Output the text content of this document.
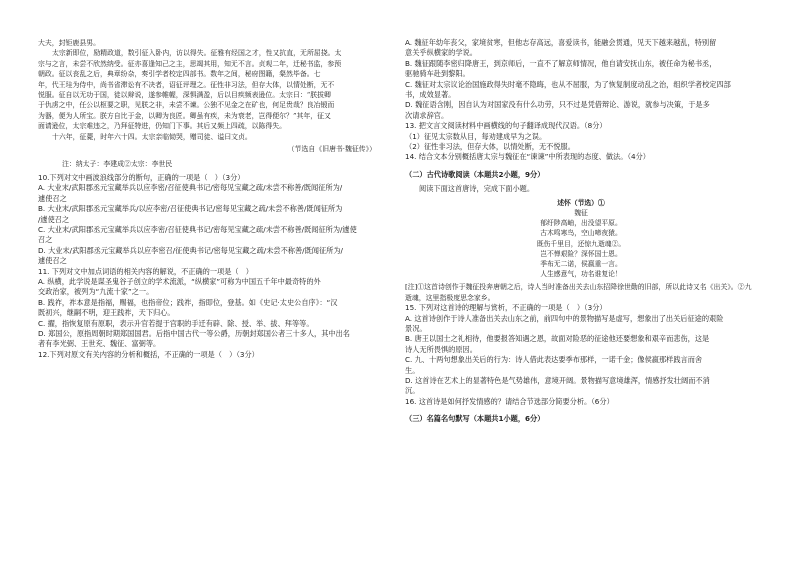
大夫，封钜鹿县男。

太宗新即位，励精政道，数引征入卧内，访以得失。征雅有经国之才，性又抗直，无所屈挠。太

宗与之言，未尝不欣然纳受。征亦喜逢知己之主，思竭其用，知无不言。贞观二年，迁秘书监，参预

朝政。征以丧乱之后，典章纷杂，奏引学者校定四部书。数年之间，秘府图籍，粲然毕备。七

年，代王珪为侍中，尚书省滞讼有不决者，诏征评理之。征性非习法，但存大体，以情处断，无不

悦服。征自以无功于国，徒以辩说，遂参帷幄，深惧满盈，后以目疾频表逊位。太宗曰：“朕拔卿

于仇虏之中，任公以枢要之职，见朕之非，未尝不谏。公独不见金之在矿也，何足贵哉？良冶锻而

为器，便为人所宝。朕方自比于金，以卿为良匠。卿虽有疾，未为衰老，岂得便尔？”其年，征又

面请逊位，太宗难违之，乃拜征特进，仍知门下事。其后又频上四疏，以陈得失。

十六年，征薨，时年六十四。太宗亲临恸哭，赠司徒、谥曰文贞。

（节选自《旧唐书·魏征传》）

注：纳太子：李建成②太宗：李世民

10.下列对文中画波浪线部分的断句，正确的一项是（　）（3分）

A. 大业末/武阳郡丞元宝藏举兵以应李密/召征使典书记/密每见宝藏之疏/未尝不称善/既闻征所为/

遽使召之

B. 大业末/武阳郡丞元宝藏举兵/以应李密/召征使典书记/密每见宝藏之疏/未尝不称善/既闻征所为

/遽使召之

C. 大业末/武阳郡丞元宝藏举兵以应李密/召征使典书记/密每见宝藏之疏/未尝不称善/既闻征所为/遽使

召之

D. 大业末/武阳郡丞元宝藏举兵以应李密召/征使典书记/密每见宝藏之疏/未尝不称善/既闻征所为/

遽使召之

11. 下列对文中加点词语的相关内容的解说，不正确的一项是（　）

A. 纵横，此学说是谋圣鬼谷子创立的学术流派，“纵横家”可称为中国五千年中最奇特的外

交政治家，被列为“九流十家”之一。

B. 践祚，祚本意是指福，赐福，也指帝位；践祚，指即位，登基。如《史记·太史公自序》：“汉

既初兴，继嗣不明，迎王践祚，天下归心。

C. 擢，指恢复原有原职，表示升官若提于宫职的手迁有辟、除、授、举、拔、拜等等。

D. 郑国公，原指周朝时期郑国国君。后指中国古代一等公爵，历朝封郑国公者三十多人，其中出名

者有李光弼、王世充、魏征、富弼等。

12.下列对原文有关内容的分析和概括，不正确的一项是（　）（3分）

A. 魏征年幼年丧父，家境贫寒，但他志存高远，喜爱读书，能融会贯通，见天下越来越乱，特别留

意关乎纵横家的学说。

B. 魏征跟随李密归降唐王，到京师后，一直不了解京师情况，他自请安抚山东，被任命为秘书丞，

驱驰骑车赴到黎阳。

C. 魏征对太宗议论治国施政得失时毫不隐晦，也从不屈服，为了恢复制度动乱之治，组织学者校定四部

书，成效显著。

D. 魏征语含刚，因自认为对国家没有什么功劳，只不过是凭借辩论、游说，就参与决策，于是多

次请求辞官。

13. 把文言文阅读材料中画横线的句子翻译成现代汉语。（8分）

（1）征见太宗数从目，每劝建成早为之误。

（2）征性非习法，但存大体，以情处断，无不悦服。

14. 结合文本分别概括唐太宗与魏征在“谏谏”中所表现的态度、做法。（4分）

（二）古代诗歌阅读（本题共2小题，9分）

阅读下面这首唐诗，完成下面小题。

述怀（节选）①

魏征

郁纡陟高岫，出没望平原。

古木鸣寒鸟，空山啼夜猿。

既伤千里目，还惊九逝魂②。

岂不惮艰险？深怀国士恩。

季布无二诺，侯嬴重一言。

人生感意气，功名谁复论！

[注]①这首诗创作于魏征投奔唐朝之后，诗人当时准备出关去山东招降徐世勣的旧部，所以此诗又名《出关》。②九逝魂，这里指极度思念家乡。

15. 下列对这首诗的理解与赏析，不正确的一项是（　）（3分）

A. 这首诗创作于诗人准备出关去山东之前，前四句中的景物描写是虚写，想象出了出关后征途的艰险

景况。

B. 唐王以国士之礼相待，他要报答知遇之恩，故面对险恶的征途他还要想象和艰辛而悲伤，这是

诗人无所畏惧的原因。

C. 九、十两句想象出关后的行为：诗人借此表达要季布那样，一诺千金；像侯嬴那样践言而舍

生。

D. 这首诗在艺术上的显著特色是气势雄伟，意境开阔。景物描写意境雄浑，情感抒发壮阔而不消

沉。

16. 这首诗是如何抒发情感的？请结合节选部分简要分析。（6分）

（三）名篇名句默写（本题共1小题，6分）
